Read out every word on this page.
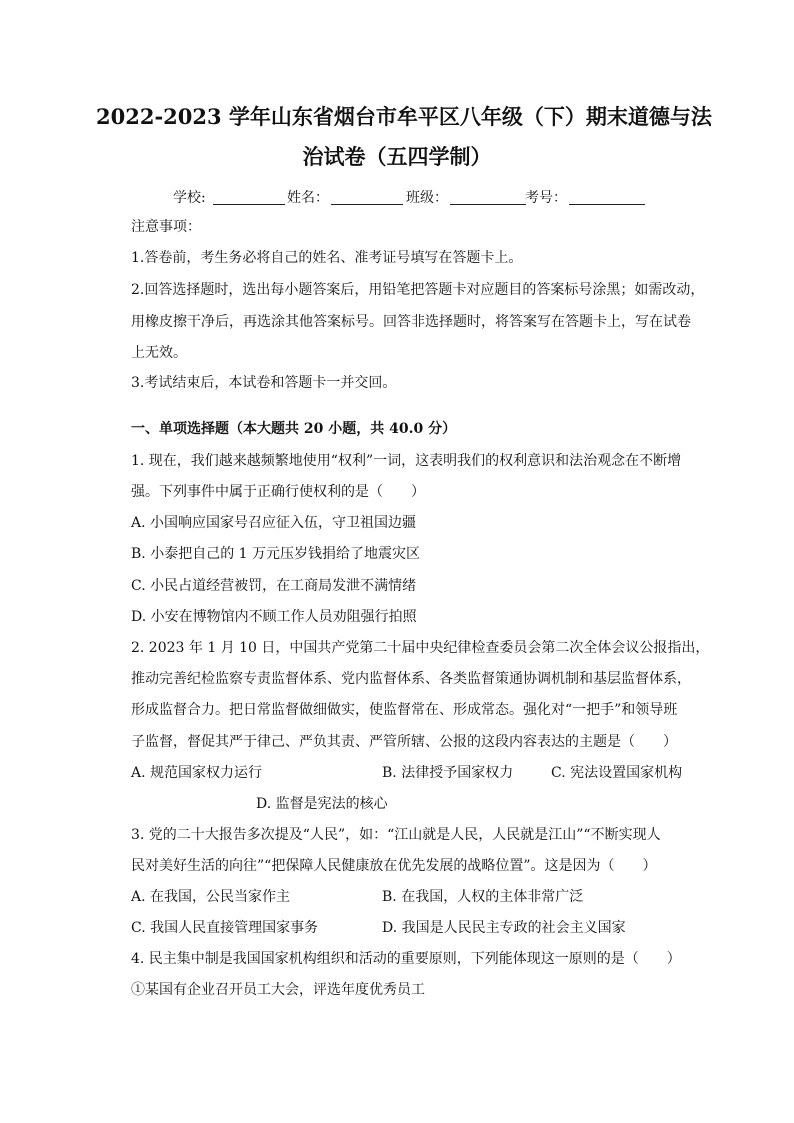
2022-2023 学年山东省烟台市牟平区八年级（下）期末道德与法
治试卷（五四学制）
学校:	姓名：	班级：	考号：
注意事项：
1.答卷前，考生务必将自己的姓名、准考证号填写在答题卡上。
2.回答选择题时，选出每小题答案后，用铅笔把答题卡对应题目的答案标号涂黑；如需改动，
用橡皮擦干净后，再选涂其他答案标号。回答非选择题时，将答案写在答题卡上，写在试卷
上无效。
3.考试结束后，本试卷和答题卡一并交回。
一、单项选择题（本大题共 20 小题，共 40.0 分）
1. 现在，我们越来越频繁地使用“权利”一词，这表明我们的权利意识和法治观念在不断增
强。下列事件中属于正确行使权利的是（　　）
A. 小国响应国家号召应征入伍，守卫祖国边疆
B. 小泰把自己的 1 万元压岁钱捐给了地震灾区
C. 小民占道经营被罚，在工商局发泄不满情绪
D. 小安在博物馆内不顾工作人员劝阻强行拍照
2. 2023 年 1 月 10 日，中国共产党第二十届中央纪律检查委员会第二次全体会议公报指出，
推动完善纪检监察专责监督体系、党内监督体系、各类监督策通协调机制和基层监督体系，
形成监督合力。把日常监督做细做实，使监督常在、形成常态。强化对“一把手”和领导班
子监督，督促其严于律己、严负其责、严管所辖、公报的这段内容表达的主题是（　　）
A. 规范国家权力运行	B. 法律授予国家权力	C. 宪法设置国家机构
D. 监督是宪法的核心
3. 党的二十大报告多次提及“人民”，如：“江山就是人民，人民就是江山”“不断实现人
民对美好生活的向往”“把保障人民健康放在优先发展的战略位置”。这是因为（　　）
A. 在我国，公民当家作主	B. 在我国，人权的主体非常广泛
C. 我国人民直接管理国家事务	D. 我国是人民民主专政的社会主义国家
4. 民主集中制是我国国家机构组织和活动的重要原则，下列能体现这一原则的是（　　）
①某国有企业召开员工大会，评选年度优秀员工
